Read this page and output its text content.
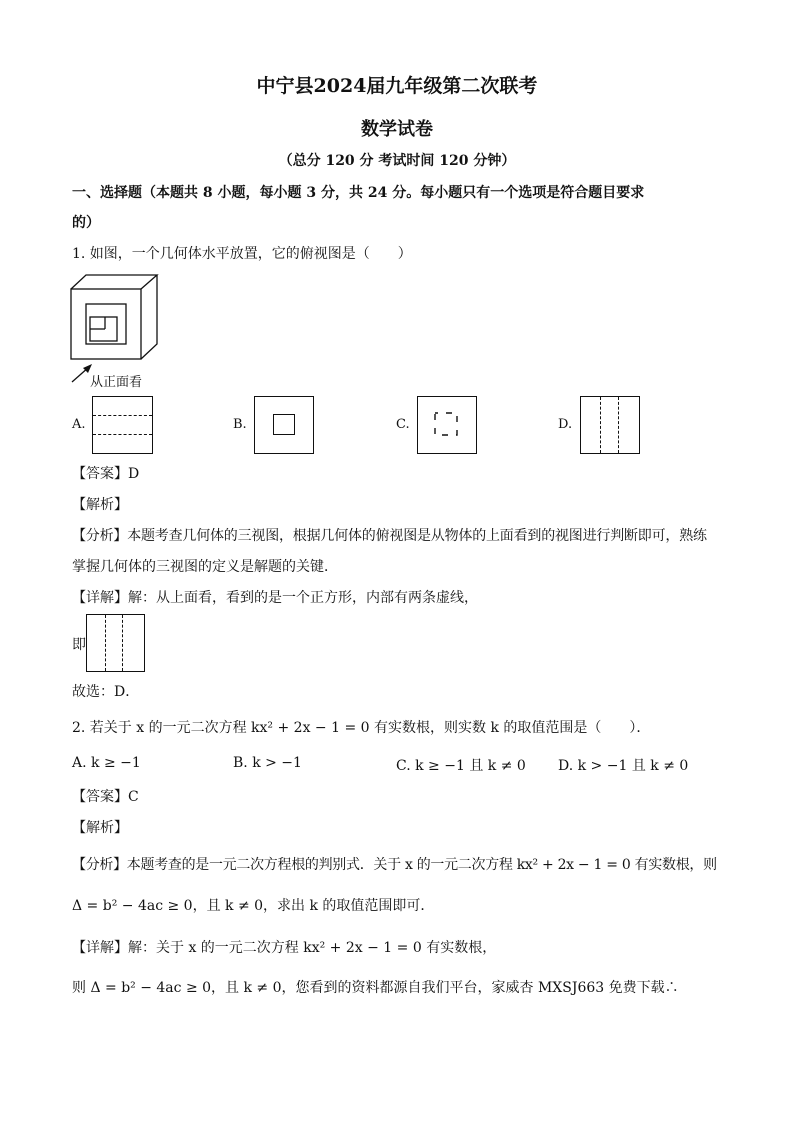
中宁县2024届九年级第二次联考
数学试卷
（总分 120 分 考试时间 120 分钟）
一、选择题（本题共 8 小题，每小题 3 分，共 24 分。每小题只有一个选项是符合题目要求
的）
1. 如图，一个几何体水平放置，它的俯视图是（　　）
从正面看
A.	B.	C.	D.
【答案】D
【解析】
【分析】本题考查几何体的三视图，根据几何体的俯视图是从物体的上面看到的视图进行判断即可，熟练
掌握几何体的三视图的定义是解题的关键．
【详解】解：从上面看，看到的是一个正方形，内部有两条虚线，
即
故选：D．
2. 若关于 x 的一元二次方程 kx² + 2x − 1 = 0 有实数根，则实数 k 的取值范围是（　　）．
A. k ≥ −1	B. k > −1	C. k ≥ −1 且 k ≠ 0 D. k > −1 且 k ≠ 0
【答案】C
【解析】
【分析】本题考查的是一元二次方程根的判别式．关于 x 的一元二次方程 kx² + 2x − 1 = 0 有实数根，则
Δ = b² − 4ac ≥ 0，且 k ≠ 0，求出 k 的取值范围即可．
【详解】解：关于 x 的一元二次方程 kx² + 2x − 1 = 0 有实数根，
则 Δ = b² − 4ac ≥ 0，且 k ≠ 0，您看到的资料都源自我们平台，家威杏 MXSJ663 免费下载∴
